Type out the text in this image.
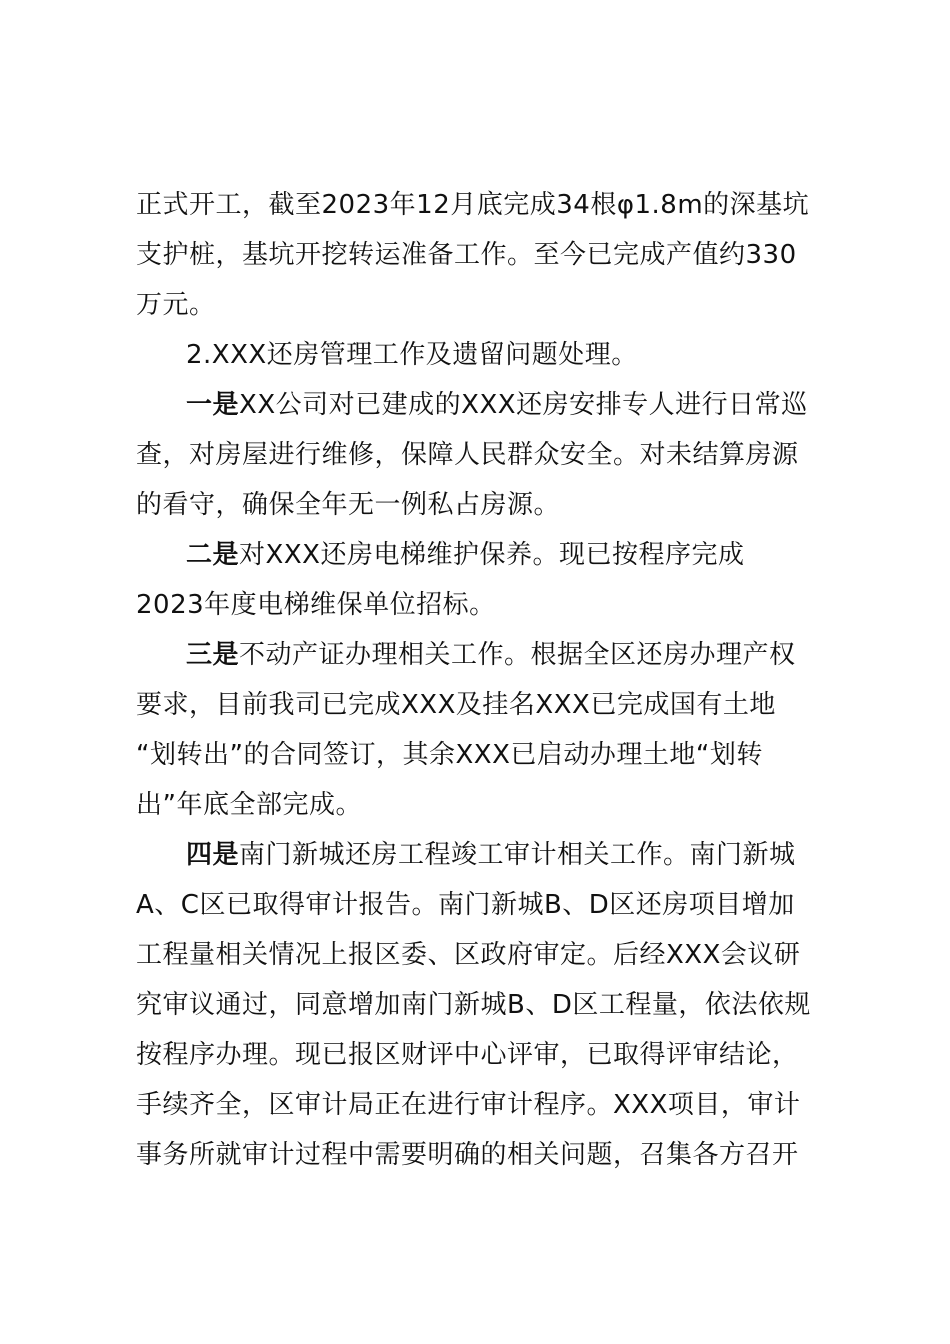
正式开工，截至2023年12月底完成34根φ1.8m的深基坑
支护桩，基坑开挖转运准备工作。至今已完成产值约330
万元。
2.XXX还房管理工作及遗留问题处理。
一是XX公司对已建成的XXX还房安排专人进行日常巡
查，对房屋进行维修，保障人民群众安全。对未结算房源
的看守，确保全年无一例私占房源。
二是对XXX还房电梯维护保养。现已按程序完成
2023年度电梯维保单位招标。
三是不动产证办理相关工作。根据全区还房办理产权
要求，目前我司已完成XXX及挂名XXX已完成国有土地
“划转出”的合同签订，其余XXX已启动办理土地“划转
出”年底全部完成。
四是南门新城还房工程竣工审计相关工作。南门新城
A、C区已取得审计报告。南门新城B、D区还房项目增加
工程量相关情况上报区委、区政府审定。后经XXX会议研
究审议通过，同意增加南门新城B、D区工程量，依法依规
按程序办理。现已报区财评中心评审，已取得评审结论，
手续齐全，区审计局正在进行审计程序。XXX项目，审计
事务所就审计过程中需要明确的相关问题，召集各方召开
